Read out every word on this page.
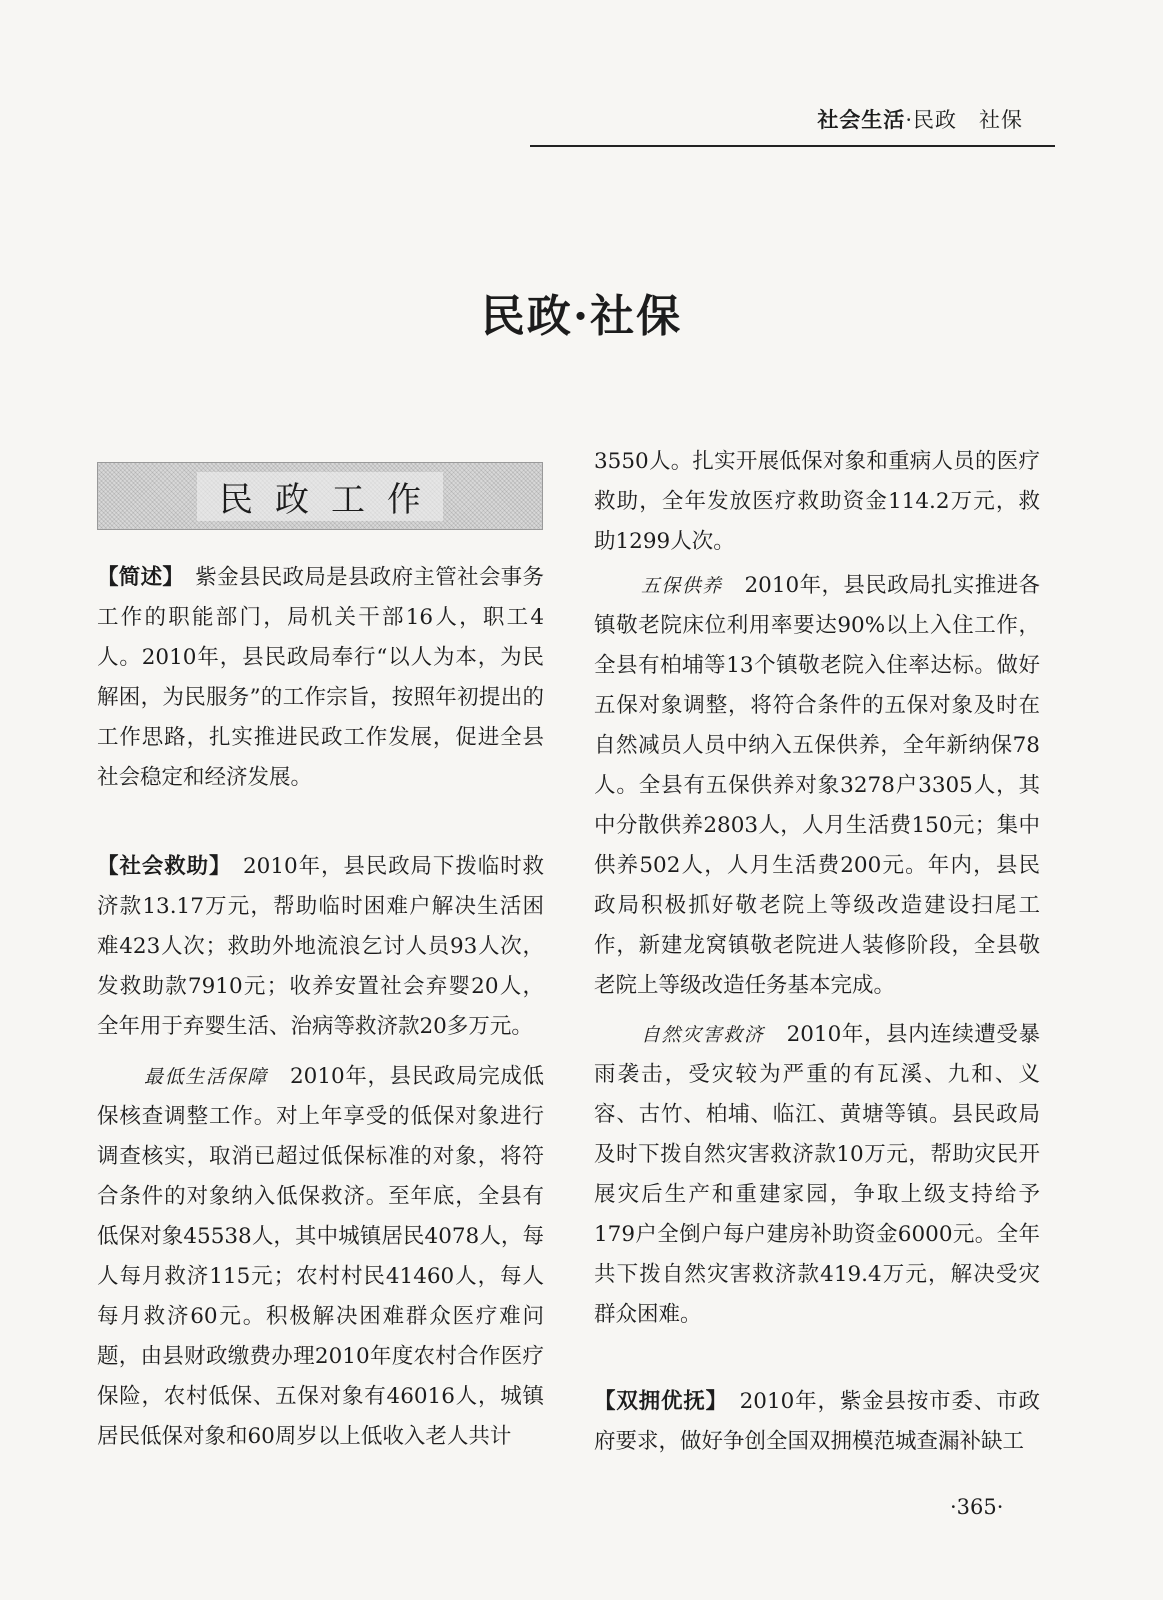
社会生活·民政　社保
民政·社保
民政工作

【简述】　紫金县民政局是县政府主管社会事务工作的职能部门，局机关干部16人，职工4人。2010年，县民政局奉行“以人为本，为民解困，为民服务”的工作宗旨，按照年初提出的工作思路，扎实推进民政工作发展，促进全县社会稳定和经济发展。

【社会救助】　2010年，县民政局下拨临时救济款13.17万元，帮助临时困难户解决生活困难423人次；救助外地流浪乞讨人员93人次，发救助款7910元；收养安置社会弃婴20人，全年用于弃婴生活、治病等救济款20多万元。

最低生活保障　2010年，县民政局完成低保核查调整工作。对上年享受的低保对象进行调查核实，取消已超过低保标准的对象，将符合条件的对象纳入低保救济。至年底，全县有低保对象45538人，其中城镇居民4078人，每人每月救济115元；农村村民41460人，每人每月救济60元。积极解决困难群众医疗难问题，由县财政缴费办理2010年度农村合作医疗保险，农村低保、五保对象有46016人，城镇居民低保对象和60周岁以上低收入老人共计

3550人。扎实开展低保对象和重病人员的医疗救助，全年发放医疗救助资金114.2万元，救助1299人次。

五保供养　2010年，县民政局扎实推进各镇敬老院床位利用率要达90%以上入住工作，全县有柏埔等13个镇敬老院入住率达标。做好五保对象调整，将符合条件的五保对象及时在自然减员人员中纳入五保供养，全年新纳保78人。全县有五保供养对象3278户3305人，其中分散供养2803人，人月生活费150元；集中供养502人，人月生活费200元。年内，县民政局积极抓好敬老院上等级改造建设扫尾工作，新建龙窝镇敬老院进人装修阶段，全县敬老院上等级改造任务基本完成。

自然灾害救济　2010年，县内连续遭受暴雨袭击，受灾较为严重的有瓦溪、九和、义容、古竹、柏埔、临江、黄塘等镇。县民政局及时下拨自然灾害救济款10万元，帮助灾民开展灾后生产和重建家园，争取上级支持给予179户全倒户每户建房补助资金6000元。全年共下拨自然灾害救济款419.4万元，解决受灾群众困难。

【双拥优抚】　2010年，紫金县按市委、市政府要求，做好争创全国双拥模范城查漏补缺工

·365·
